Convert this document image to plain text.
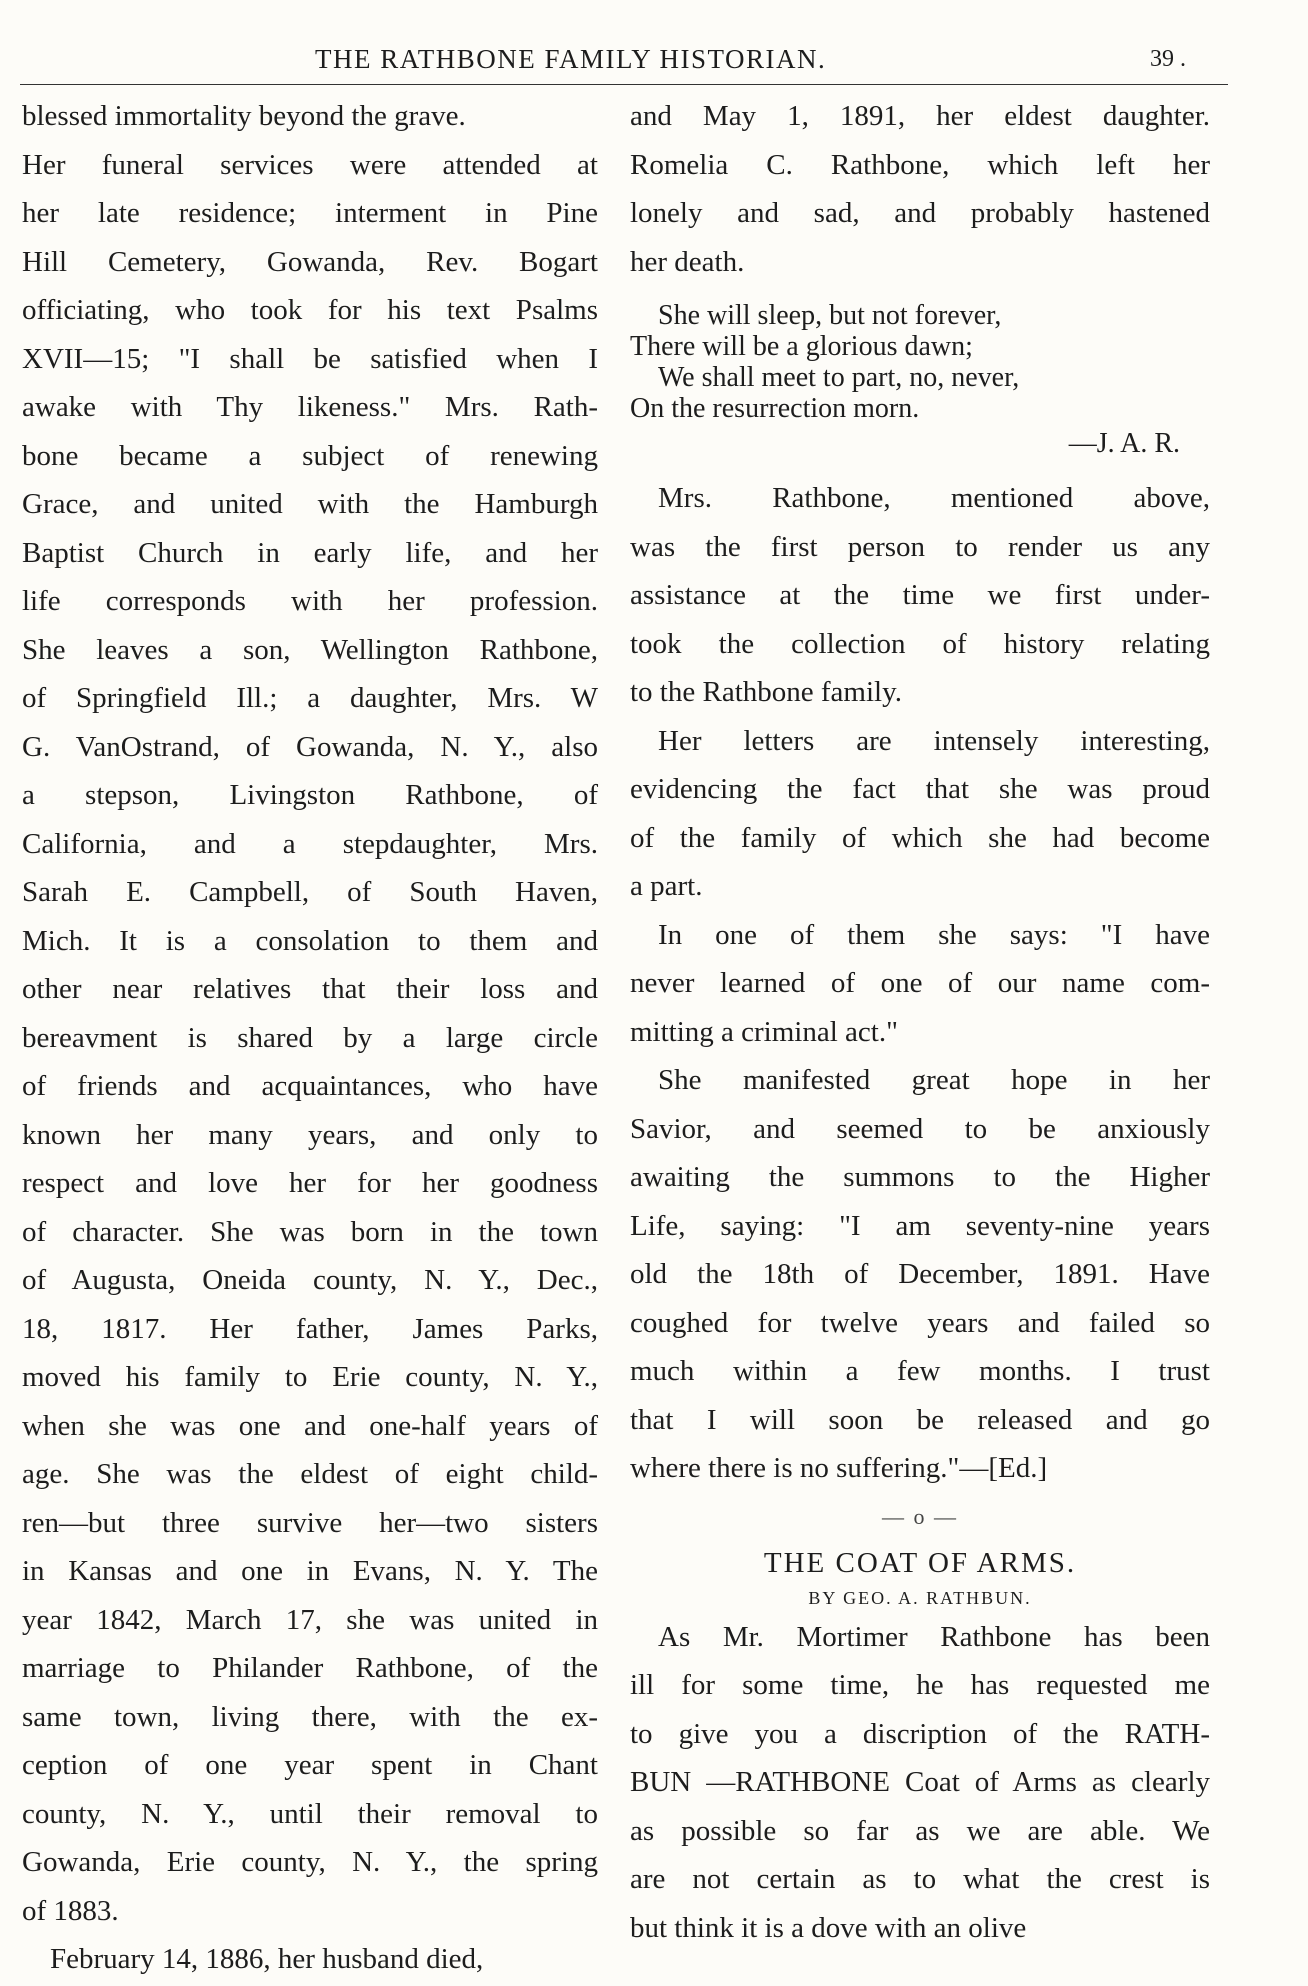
THE RATHBONE FAMILY HISTORIAN.	39 .
blessed immortality beyond the grave.
Her funeral services were attended at
her late residence; interment in Pine
Hill Cemetery, Gowanda, Rev. Bogart
officiating, who took for his text Psalms
XVII—15; "I shall be satisfied when I
awake with Thy likeness." Mrs. Rath-
bone became a subject of renewing
Grace, and united with the Hamburgh
Baptist Church in early life, and her
life corresponds with her profession.
She leaves a son, Wellington Rathbone,
of Springfield Ill.; a daughter, Mrs. W
G. VanOstrand, of Gowanda, N. Y., also
a stepson, Livingston Rathbone, of
California, and a stepdaughter, Mrs.
Sarah E. Campbell, of South Haven,
Mich. It is a consolation to them and
other near relatives that their loss and
bereavment is shared by a large circle
of friends and acquaintances, who have
known her many years, and only to
respect and love her for her goodness
of character. She was born in the town
of Augusta, Oneida county, N. Y., Dec.,
18, 1817. Her father, James Parks,
moved his family to Erie county, N. Y.,
when she was one and one-half years of
age. She was the eldest of eight child-
ren—but three survive her—two sisters
in Kansas and one in Evans, N. Y. The
year 1842, March 17, she was united in
marriage to Philander Rathbone, of the
same town, living there, with the ex-
ception of one year spent in Chant
county, N. Y., until their removal to
Gowanda, Erie county, N. Y., the spring
of 1883.
February 14, 1886, her husband died,
and May 1, 1891, her eldest daughter.
Romelia C. Rathbone, which left her
lonely and sad, and probably hastened
her death.
She will sleep, but not forever,
There will be a glorious dawn;
We shall meet to part, no, never,
On the resurrection morn.
—J. A. R.
Mrs. Rathbone, mentioned above,
was the first person to render us any
assistance at the time we first under-
took the collection of history relating
to the Rathbone family.
Her letters are intensely interesting,
evidencing the fact that she was proud
of the family of which she had become
a part.
In one of them she says: "I have
never learned of one of our name com-
mitting a criminal act."
She manifested great hope in her
Savior, and seemed to be anxiously
awaiting the summons to the Higher
Life, saying: "I am seventy-nine years
old the 18th of December, 1891. Have
coughed for twelve years and failed so
much within a few months. I trust
that I will soon be released and go
where there is no suffering."—[Ed.]
— o —
THE COAT OF ARMS.
BY GEO. A. RATHBUN.
As Mr. Mortimer Rathbone has been
ill for some time, he has requested me
to give you a discription of the RATH-
BUN —RATHBONE Coat of Arms as clearly
as possible so far as we are able. We
are not certain as to what the crest is
but think it is a dove with an olive
